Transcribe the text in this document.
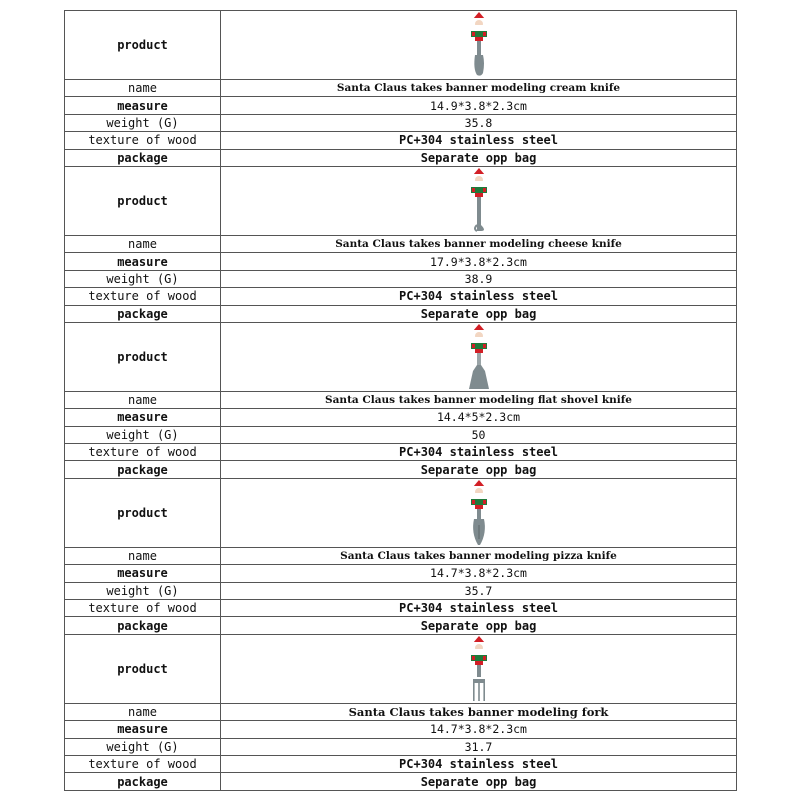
product	

name	Santa Claus takes banner modeling cream knife
measure	14.9*3.8*2.3cm
weight (G)	35.8
texture of wood	PC+304 stainless steel
package	Separate opp bag
product	

name	Santa Claus takes banner modeling cheese knife
measure	17.9*3.8*2.3cm
weight (G)	38.9
texture of wood	PC+304 stainless steel
package	Separate opp bag
product	

name	Santa Claus takes banner modeling flat shovel knife
measure	14.4*5*2.3cm
weight (G)	50
texture of wood	PC+304 stainless steel
package	Separate opp bag
product	

name	Santa Claus takes banner modeling pizza knife
measure	14.7*3.8*2.3cm
weight (G)	35.7
texture of wood	PC+304 stainless steel
package	Separate opp bag
product	

name	Santa Claus takes banner modeling fork
measure	14.7*3.8*2.3cm
weight (G)	31.7
texture of wood	PC+304 stainless steel
package	Separate opp bag
